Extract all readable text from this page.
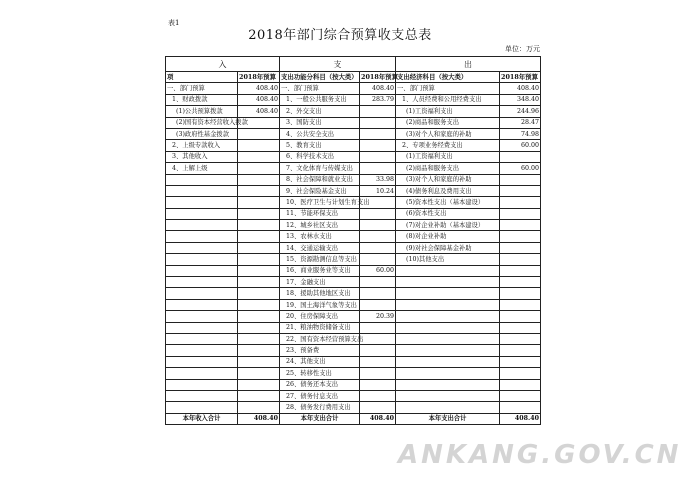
表1
2018年部门综合预算收支总表
单位：万元
入		支		出	
项	2018年预算	支出功能分科目（按大类）	2018年预算	支出经济科目（按大类）	2018年预算
一、部门预算	408.40	一、部门预算	408.40	一、部门预算	408.40
1、财政拨款	408.40	1、一般公共服务支出	283.79	1、人员经费和公用经费支出	348.40
(1)公共预算拨款	408.40	2、外交支出		(1)工资福利支出	244.96
(2)国有资本经营收入拨款		3、国防支出		(2)商品和服务支出	28.47
(3)政府性基金拨款		4、公共安全支出		(3)对个人和家庭的补助	74.98
2、上级专款收入		5、教育支出		2、专项业务经费支出	60.00
3、其他收入		6、科学技术支出		(1)工资福利支出	
4、上解上级		7、文化体育与传媒支出		(2)商品和服务支出	60.00
		8、社会保障和就业支出	33.98	(3)对个人和家庭的补助	
		9、社会保险基金支出	10.24	(4)债务利息及费用支出	
		10、医疗卫生与计划生育支出		(5)资本性支出（基本建设）	
		11、节能环保支出		(6)资本性支出	
		12、城乡社区支出		(7)对企业补助（基本建设）	
		13、农林水支出		(8)对企业补助	
		14、交通运输支出		(9)对社会保障基金补助	
		15、资源勘测信息等支出		(10)其他支出	
		16、商业服务业等支出	60.00		
		17、金融支出			
		18、援助其他地区支出			
		19、国土海洋气象等支出			
		20、住房保障支出	20.39		
		21、粮油物资储备支出			
		22、国有资本经营预算支出			
		23、预备费			
		24、其他支出			
		25、转移性支出			
		26、债务还本支出			
		27、债务付息支出			
		28、债务发行费用支出			
本年收入合计	408.40	本年支出合计	408.40	本年支出合计	408.40
ANKANG.GOV.CN
